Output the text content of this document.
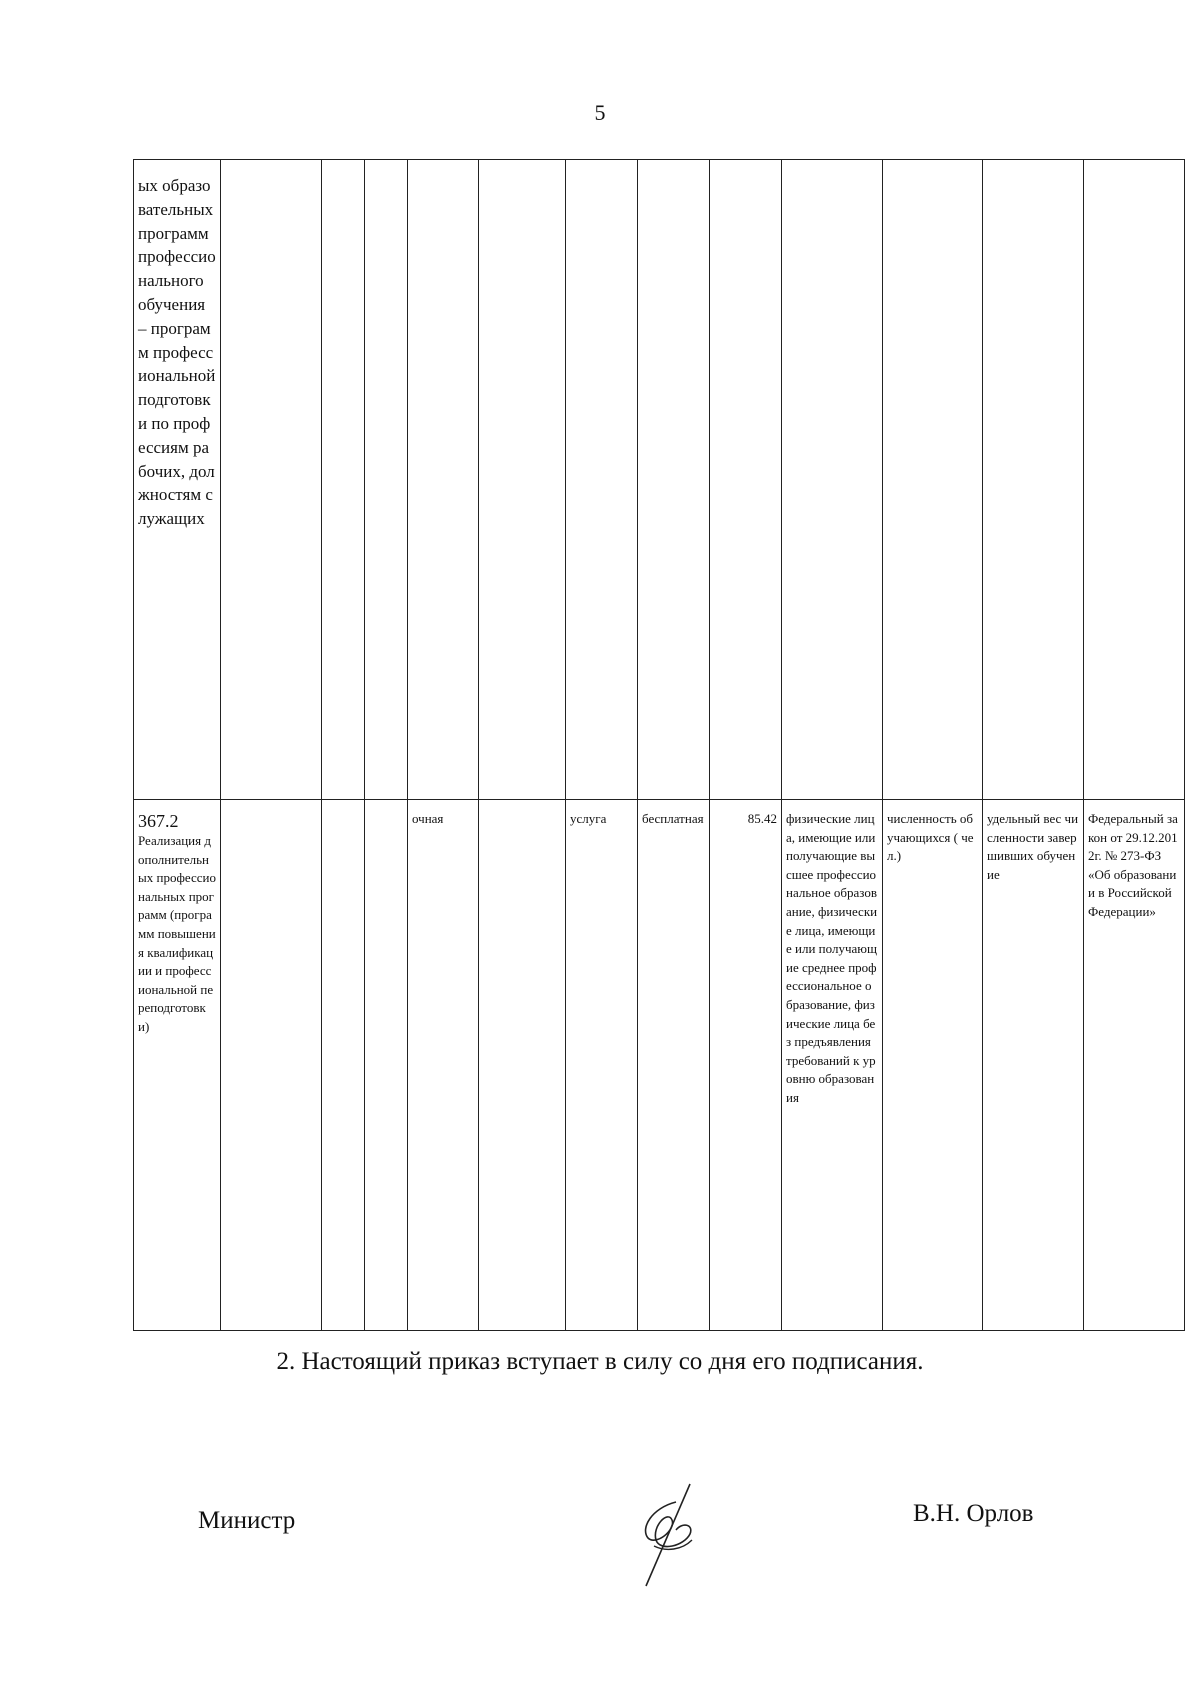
5
ых образовательных программ профессионального обучения – программ профессиональной подготовки по профессиям рабочих, должностям служащих												

367.2
Реализация дополнительных профессиональных программ (программ повышения квалификации и профессиональной переподготовки)				очная		услуга	бесплатная	85.42	физические лица, имеющие или получающие высшее профессиональное образование, физические лица, имеющие или получающие среднее профессиональное образование, физические лица без предъявления требований к уровню образования	численность обучающихся ( чел.)	удельный вес численности завершивших обучение	Федеральный закон от 29.12.2012г. № 273-ФЗ «Об образовании в Российской Федерации»
2. Настоящий приказ вступает в силу со дня его подписания.
Министр	В.Н. Орлов
